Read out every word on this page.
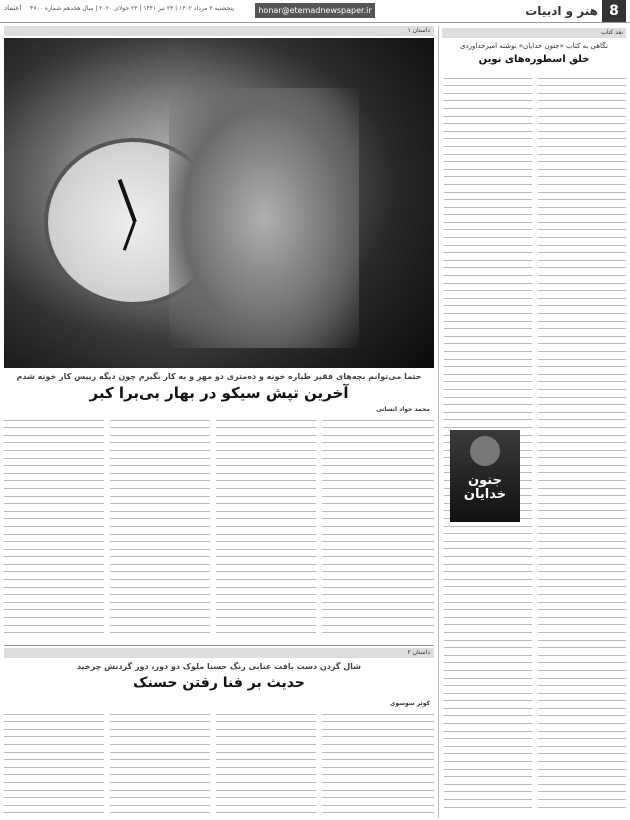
8
هنر و ادبیات
honar@etemadnewspaper.ir
پنجشنبه ۲ مرداد ۱۴۰۲ | ۲۳ تیر ۱۴۴۱ | ۲۳ جولای ۲۰۲۰ | سال هجدهم شماره ۴۷۰۰
اعتماد
نقد کتاب
نگاهی به کتاب «جنون خدایان» نوشته امیرخداوردی
خلق اسطوره‌های نوین
داستان ۱
حتما می‌توانم بچه‌های فقیر طیاره خونه و ده‌متری دو مهر و به کار بگیرم چون دیگه رییس کار خونه شدم
آخرین تپش سیکو در بهار بی‌برا کبر
محمد جواد انسانی
جنون
خدایان
داستان ۲
شال گردن دست بافت عنابی رنگ حسنا ملوک دو دور، دور گردنش چرخید
حدیث بر فنا رفتن حسنک
کوثر سوسوی
